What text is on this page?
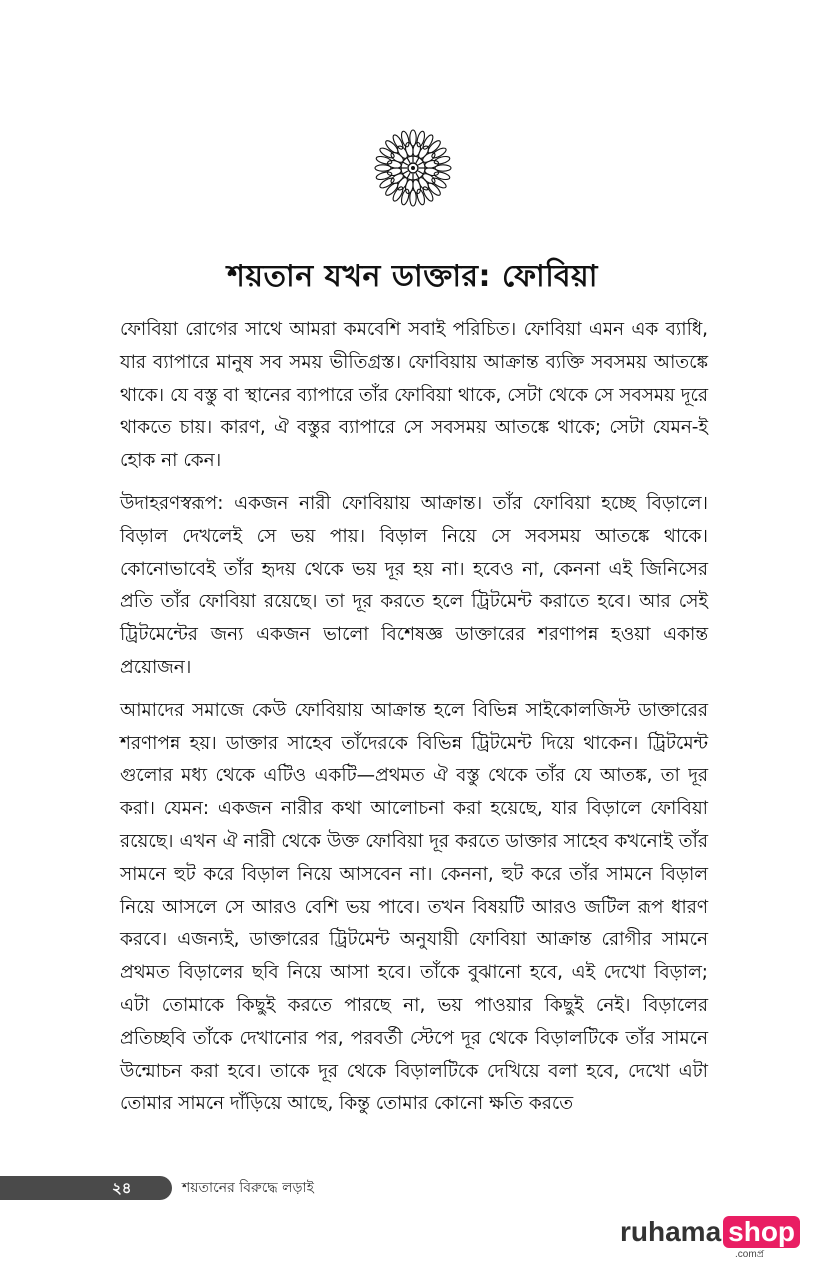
শয়তান যখন ডাক্তার: ফোবিয়া

ফোবিয়া রোগের সাথে আমরা কমবেশি সবাই পরিচিত। ফোবিয়া এমন এক ব্যাধি, যার ব্যাপারে মানুষ সব সময় ভীতিগ্রস্ত। ফোবিয়ায় আক্রান্ত ব্যক্তি সবসময় আতঙ্কে থাকে। যে বস্তু বা স্থানের ব্যাপারে তাঁর ফোবিয়া থাকে, সেটা থেকে সে সবসময় দূরে থাকতে চায়। কারণ, ঐ বস্তুর ব্যাপারে সে সবসময় আতঙ্কে থাকে; সেটা যেমন-ই হোক না কেন।

উদাহরণস্বরূপ: একজন নারী ফোবিয়ায় আক্রান্ত। তাঁর ফোবিয়া হচ্ছে বিড়ালে। বিড়াল দেখলেই সে ভয় পায়। বিড়াল নিয়ে সে সবসময় আতঙ্কে থাকে। কোনোভাবেই তাঁর হৃদয় থেকে ভয় দূর হয় না। হবেও না, কেননা এই জিনিসের প্রতি তাঁর ফোবিয়া রয়েছে। তা দূর করতে হলে ট্রিটমেন্ট করাতে হবে। আর সেই ট্রিটমেন্টের জন্য একজন ভালো বিশেষজ্ঞ ডাক্তারের শরণাপন্ন হওয়া একান্ত প্রয়োজন।

আমাদের সমাজে কেউ ফোবিয়ায় আক্রান্ত হলে বিভিন্ন সাইকোলজিস্ট ডাক্তারের শরণাপন্ন হয়। ডাক্তার সাহেব তাঁদেরকে বিভিন্ন ট্রিটমেন্ট দিয়ে থাকেন। ট্রিটমেন্ট গুলোর মধ্য থেকে এটিও একটি—প্রথমত ঐ বস্তু থেকে তাঁর যে আতঙ্ক, তা দূর করা। যেমন: একজন নারীর কথা আলোচনা করা হয়েছে, যার বিড়ালে ফোবিয়া রয়েছে। এখন ঐ নারী থেকে উক্ত ফোবিয়া দূর করতে ডাক্তার সাহেব কখনোই তাঁর সামনে হুট করে বিড়াল নিয়ে আসবেন না। কেননা, হুট করে তাঁর সামনে বিড়াল নিয়ে আসলে সে আরও বেশি ভয় পাবে। তখন বিষয়টি আরও জটিল রূপ ধারণ করবে। এজন্যই, ডাক্তারের ট্রিটমেন্ট অনুযায়ী ফোবিয়া আক্রান্ত রোগীর সামনে প্রথমত বিড়ালের ছবি নিয়ে আসা হবে। তাঁকে বুঝানো হবে, এই দেখো বিড়াল; এটা তোমাকে কিছুই করতে পারছে না, ভয় পাওয়ার কিছুই নেই। বিড়ালের প্রতিচ্ছবি তাঁকে দেখানোর পর, পরবর্তী স্টেপে দূর থেকে বিড়ালটিকে তাঁর সামনে উন্মোচন করা হবে। তাকে দূর থেকে বিড়ালটিকে দেখিয়ে বলা হবে, দেখো এটা তোমার সামনে দাঁড়িয়ে আছে, কিন্তু তোমার কোনো ক্ষতি করতে

২৪	শয়তানের বিরুদ্ধে লড়াই
ruhama shop
.comপ্র
